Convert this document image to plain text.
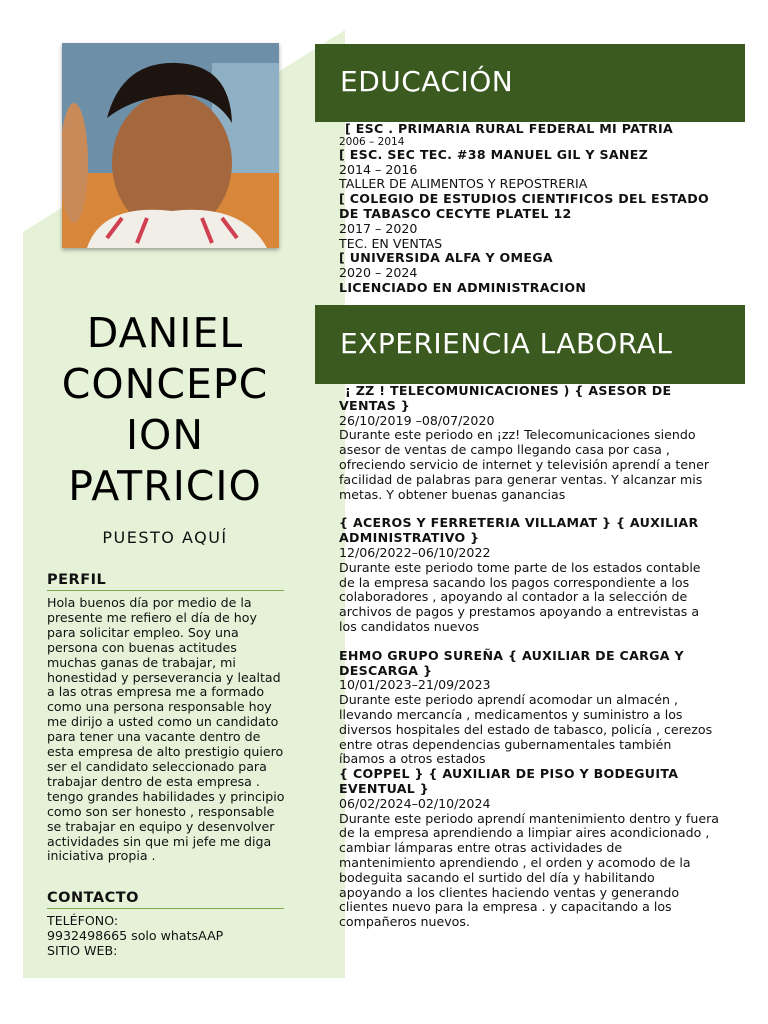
DANIEL
CONCEPC
ION
PATRICIO
PUESTO AQUÍ
PERFIL
Hola buenos día por medio de la presente me refiero el día de hoy para solicitar empleo. Soy una persona con buenas actitudes muchas ganas de trabajar, mi honestidad y perseverancia y lealtad a las otras empresa me a formado como una persona responsable hoy me dirijo a usted como un candidato para tener una vacante dentro de esta empresa de alto prestigio quiero ser el candidato seleccionado para trabajar dentro de esta empresa . tengo grandes habilidades y principio como son ser honesto , responsable se trabajar en equipo y desenvolver actividades sin que mi jefe me diga iniciativa propia .
CONTACTO
TELÉFONO:
9932498665 solo whatsAAP
SITIO WEB:
EDUCACIÓN
[ ESC . PRIMARIA RURAL FEDERAL MI PATRIA
2006 – 2014
[ ESC. SEC TEC. #38 MANUEL GIL Y SANEZ
2014 – 2016
TALLER DE ALIMENTOS Y REPOSTRERIA
[ COLEGIO DE ESTUDIOS CIENTIFICOS DEL ESTADO DE TABASCO CECYTE PLATEL 12
2017 – 2020
TEC. EN VENTAS
[ UNIVERSIDA ALFA Y OMEGA
2020 – 2024
LICENCIADO EN ADMINISTRACION
EXPERIENCIA LABORAL
¡ ZZ ! TELECOMUNICACIONES ) { ASESOR DE VENTAS }
26/10/2019 –08/07/2020
Durante este periodo en ¡zz! Telecomunicaciones siendo asesor de ventas de campo llegando casa por casa , ofreciendo servicio de internet y televisión aprendí a tener facilidad de palabras para generar ventas. Y alcanzar mis metas. Y obtener buenas ganancias
{ ACEROS Y FERRETERIA VILLAMAT } { AUXILIAR ADMINISTRATIVO }
12/06/2022–06/10/2022
Durante este periodo tome parte de los estados contable de la empresa sacando los pagos correspondiente a los colaboradores , apoyando al contador a la selección de archivos de pagos y prestamos apoyando a entrevistas a los candidatos nuevos
EHMO GRUPO SUREÑA { AUXILIAR DE CARGA Y DESCARGA }
10/01/2023–21/09/2023
Durante este periodo aprendí acomodar un almacén , llevando mercancía , medicamentos y suministro a los diversos hospitales del estado de tabasco, policía , cerezos entre otras dependencias gubernamentales también íbamos a otros estados
{ COPPEL } { AUXILIAR DE PISO Y BODEGUITA EVENTUAL }
06/02/2024–02/10/2024
Durante este periodo aprendí mantenimiento dentro y fuera de la empresa aprendiendo a limpiar aires acondicionado , cambiar lámparas entre otras actividades de mantenimiento aprendiendo , el orden y acomodo de la bodeguita sacando el surtido del día y habilitando apoyando a los clientes haciendo ventas y generando clientes nuevo para la empresa . y capacitando a los compañeros nuevos.
